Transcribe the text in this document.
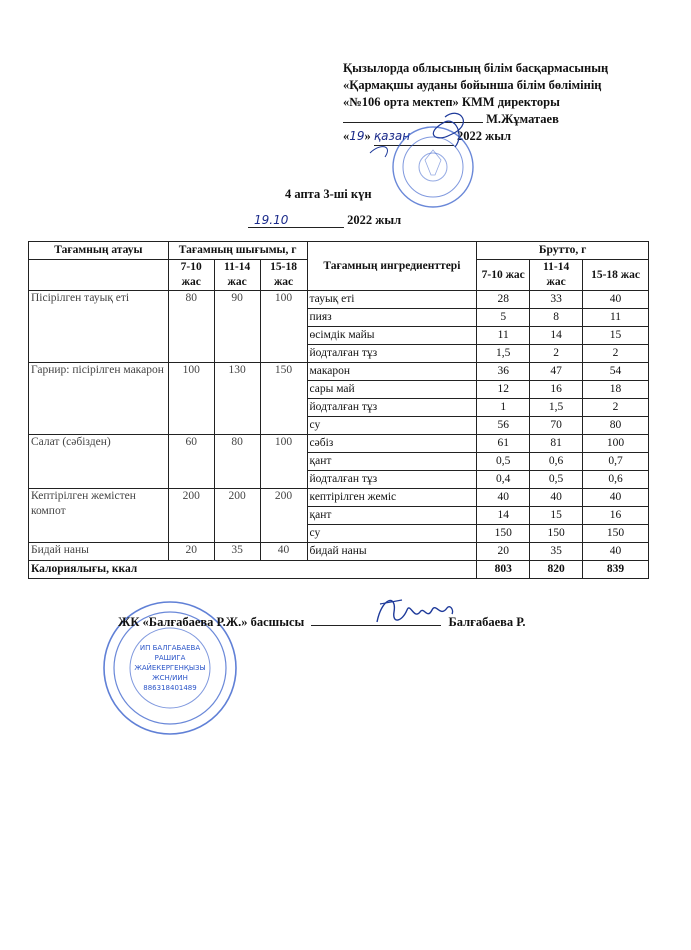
Қызылорда облысының білім басқармасының
«Қармақшы ауданы бойынша білім бөлімінің
«№106 орта мектеп» КММ директоры
М.Жұматаев
«19» қазан	2022 жыл
4 апта 3-ші күн
19.10	2022 жыл
Тағамның атауы	Тағамның шығымы, г			Тағамның ингредиенттері	Брутто, г		
	7-10 жас	11-14 жас	15-18 жас		7-10 жас	11-14 жас	15-18 жас
Пісірілген тауық еті	80	90	100	тауық еті	28	33	40
				пияз	5	8	11
				өсімдік майы	11	14	15
				йодталған тұз	1,5	2	2
Гарнир: пісірілген макарон	100	130	150	макарон	36	47	54
				сары май	12	16	18
				йодталған тұз	1	1,5	2
				су	56	70	80
Салат (сәбізден)	60	80	100	сәбіз	61	81	100
				қант	0,5	0,6	0,7
				йодталған тұз	0,4	0,5	0,6
Кептірілген жемістен компот	200	200	200	кептірілген жеміс	40	40	40
				қант	14	15	16
				су	150	150	150
Бидай наны	20	35	40	бидай наны	20	35	40
Калориялығы, ккал					803	820	839
ИП БАЛГАБАЕВА
РАШИГА
ЖАЙЕКЕРГЕНҚЫЗЫ
ЖСН/ИИН
886318401489
ЖК «Балғабаева Р.Ж.» басшысы	Балғабаева Р.
